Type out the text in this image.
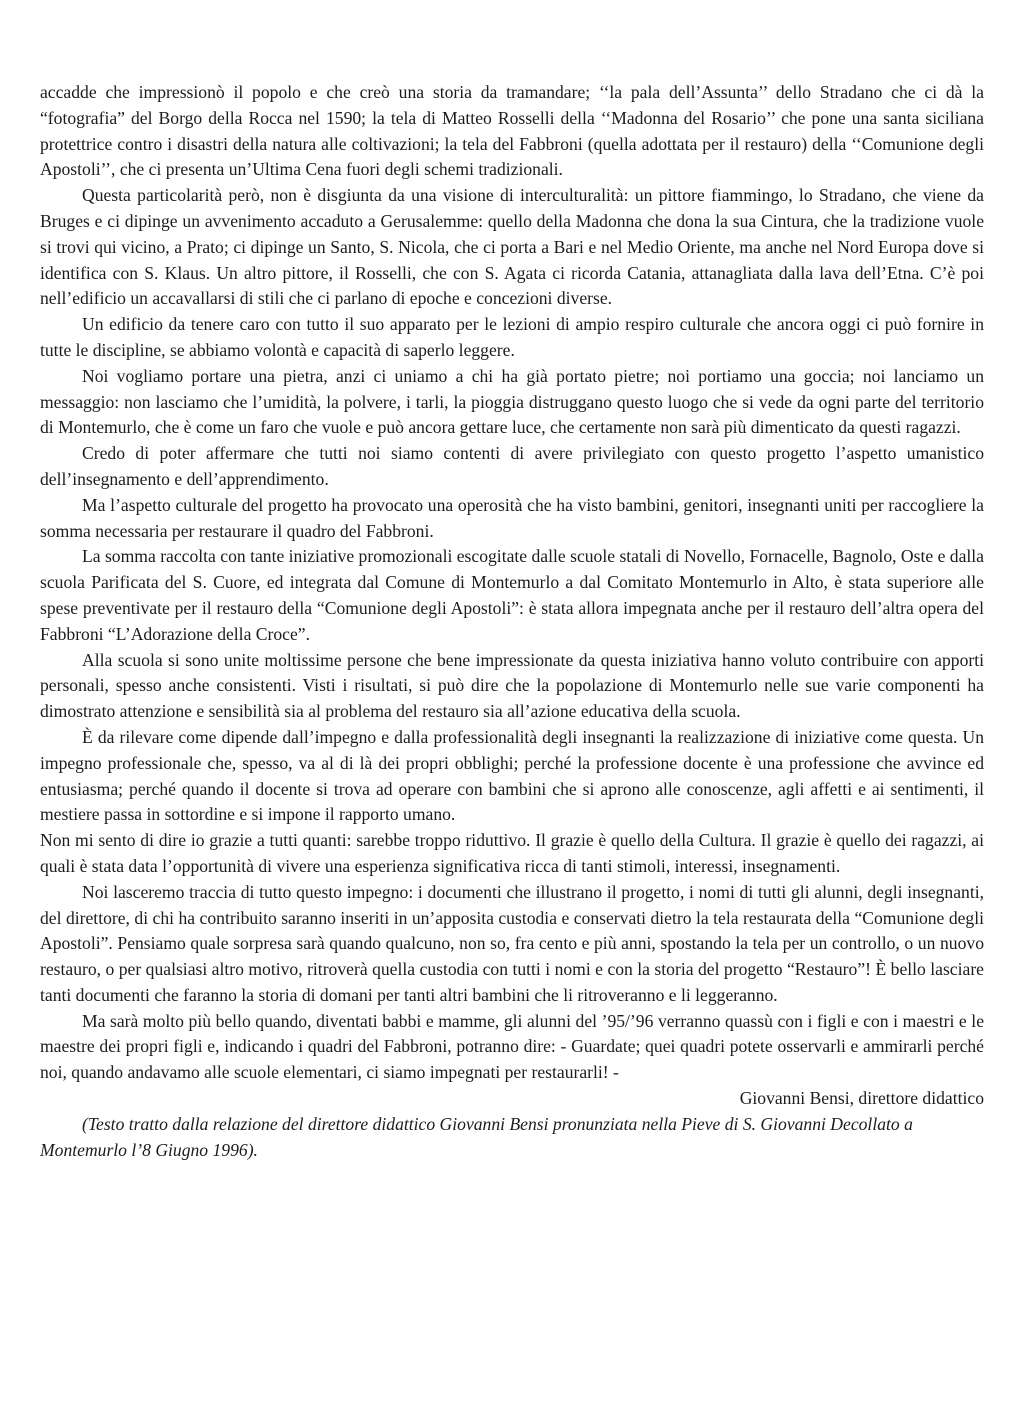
accadde che impressionò il popolo e che creò una storia da tramandare; ‘‘la pala dell’Assunta’’ dello Stradano che ci dà la “fotografia” del Borgo della Rocca nel 1590; la tela di Matteo Rosselli della ‘‘Madonna del Rosario’’ che pone una santa siciliana protettrice contro i disastri della natura alle coltivazioni; la tela del Fabbroni (quella adottata per il restauro) della ‘‘Comunione degli Apostoli’’, che ci presenta un’Ultima Cena fuori degli schemi tradizionali.

Questa particolarità però, non è disgiunta da una visione di interculturalità: un pittore fiammingo, lo Stradano, che viene da Bruges e ci dipinge un avvenimento accaduto a Gerusalemme: quello della Madonna che dona la sua Cintura, che la tradizione vuole si trovi qui vicino, a Prato; ci dipinge un Santo, S. Nicola, che ci porta a Bari e nel Medio Oriente, ma anche nel Nord Europa dove si identifica con S. Klaus. Un altro pittore, il Rosselli, che con S. Agata ci ricorda Catania, attanagliata dalla lava dell’Etna. C’è poi nell’edificio un accavallarsi di stili che ci parlano di epoche e concezioni diverse.

Un edificio da tenere caro con tutto il suo apparato per le lezioni di ampio respiro culturale che ancora oggi ci può fornire in tutte le discipline, se abbiamo volontà e capacità di saperlo leggere.

Noi vogliamo portare una pietra, anzi ci uniamo a chi ha già portato pietre; noi portiamo una goccia; noi lanciamo un messaggio: non lasciamo che l’umidità, la polvere, i tarli, la pioggia distruggano questo luogo che si vede da ogni parte del territorio di Montemurlo, che è come un faro che vuole e può ancora gettare luce, che certamente non sarà più dimenticato da questi ragazzi.

Credo di poter affermare che tutti noi siamo contenti di avere privilegiato con questo progetto l’aspetto umanistico dell’insegnamento e dell’apprendimento.

Ma l’aspetto culturale del progetto ha provocato una operosità che ha visto bambini, genitori, insegnanti uniti per raccogliere la somma necessaria per restaurare il quadro del Fabbroni.

La somma raccolta con tante iniziative promozionali escogitate dalle scuole statali di Novello, Fornacelle, Bagnolo, Oste e dalla scuola Parificata del S. Cuore, ed integrata dal Comune di Montemurlo a dal Comitato Montemurlo in Alto, è stata superiore alle spese preventivate per il restauro della “Comunione degli Apostoli”: è stata allora impegnata anche per il restauro dell’altra opera del Fabbroni “L’Adorazione della Croce”.

Alla scuola si sono unite moltissime persone che bene impressionate da questa iniziativa hanno voluto contribuire con apporti personali, spesso anche consistenti. Visti i risultati, si può dire che la popolazione di Montemurlo nelle sue varie componenti ha dimostrato attenzione e sensibilità sia al problema del restauro sia all’azione educativa della scuola.

È da rilevare come dipende dall’impegno e dalla professionalità degli insegnanti la realizzazione di iniziative come questa. Un impegno professionale che, spesso, va al di là dei propri obblighi; perché la professione docente è una professione che avvince ed entusiasma; perché quando il docente si trova ad operare con bambini che si aprono alle conoscenze, agli affetti e ai sentimenti, il mestiere passa in sottordine e si impone il rapporto umano.

Non mi sento di dire io grazie a tutti quanti: sarebbe troppo riduttivo. Il grazie è quello della Cultura. Il grazie è quello dei ragazzi, ai quali è stata data l’opportunità di vivere una esperienza significativa ricca di tanti stimoli, interessi, insegnamenti.

Noi lasceremo traccia di tutto questo impegno: i documenti che illustrano il progetto, i nomi di tutti gli alunni, degli insegnanti, del direttore, di chi ha contribuito saranno inseriti in un’apposita custodia e conservati dietro la tela restaurata della “Comunione degli Apostoli”. Pensiamo quale sorpresa sarà quando qualcuno, non so, fra cento e più anni, spostando la tela per un controllo, o un nuovo restauro, o per qualsiasi altro motivo, ritroverà quella custodia con tutti i nomi e con la storia del progetto “Restauro”! È bello lasciare tanti documenti che faranno la storia di domani per tanti altri bambini che li ritroveranno e li leggeranno.

Ma sarà molto più bello quando, diventati babbi e mamme, gli alunni del ’95/’96 verranno quassù con i figli e con i maestri e le maestre dei propri figli e, indicando i quadri del Fabbroni, potranno dire: - Guardate; quei quadri potete osservarli e ammirarli perché noi, quando andavamo alle scuole elementari, ci siamo impegnati per restaurarli! -

Giovanni Bensi, direttore didattico

(Testo tratto dalla relazione del direttore didattico Giovanni Bensi pronunziata nella Pieve di S. Giovanni Decollato a Montemurlo l’8 Giugno 1996).
